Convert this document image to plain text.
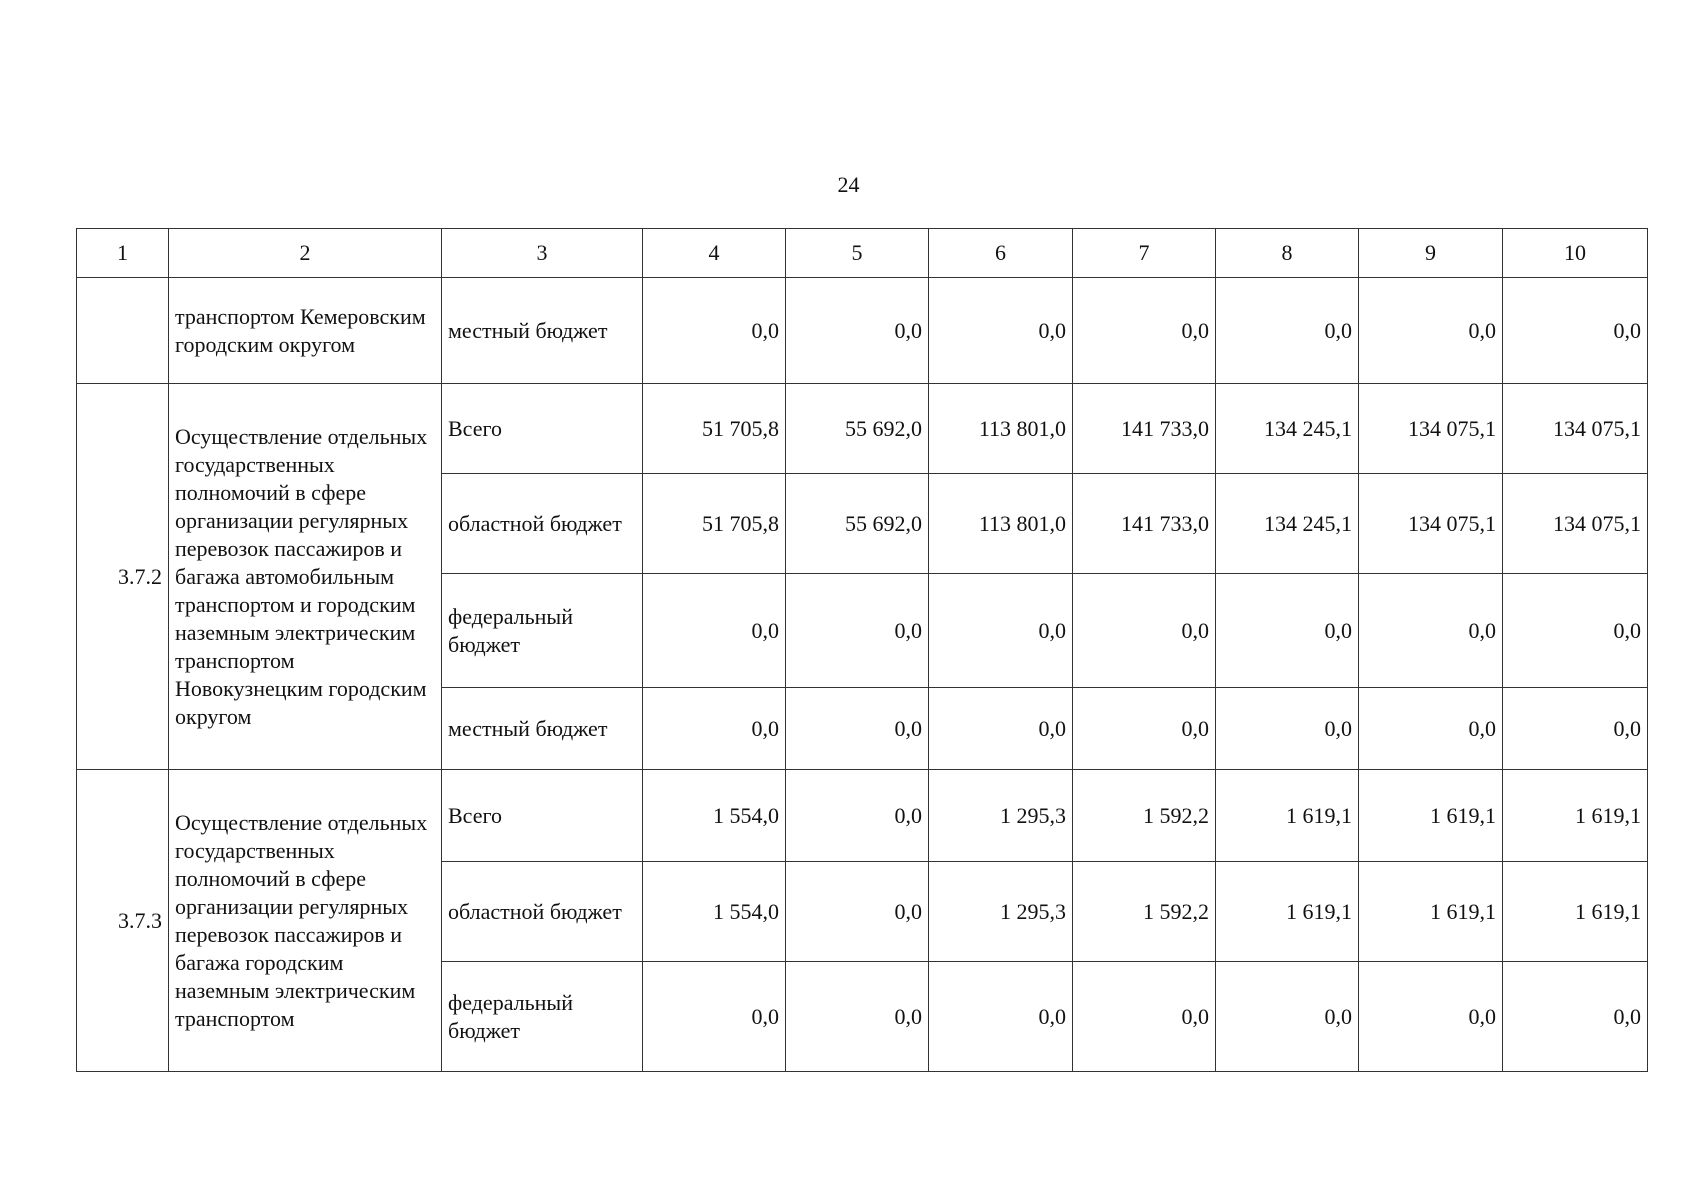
24
1	2	3	4	5	6	7	8	9	10
	транспортом Кемеровским городским округом	местный бюджет	0,0	0,0	0,0	0,0	0,0	0,0	0,0
3.7.2	Осуществление отдельных государственных полномочий в сфере организации регулярных перевозок пассажиров и багажа автомобильным транспортом и городским наземным электрическим транспортом Новокузнецким городским округом	Всего	51 705,8	55 692,0	113 801,0	141 733,0	134 245,1	134 075,1	134 075,1
		областной бюджет	51 705,8	55 692,0	113 801,0	141 733,0	134 245,1	134 075,1	134 075,1
		федеральный бюджет	0,0	0,0	0,0	0,0	0,0	0,0	0,0
		местный бюджет	0,0	0,0	0,0	0,0	0,0	0,0	0,0
3.7.3	Осуществление отдельных государственных полномочий в сфере организации регулярных перевозок пассажиров и багажа городским наземным электрическим транспортом	Всего	1 554,0	0,0	1 295,3	1 592,2	1 619,1	1 619,1	1 619,1
		областной бюджет	1 554,0	0,0	1 295,3	1 592,2	1 619,1	1 619,1	1 619,1
		федеральный бюджет	0,0	0,0	0,0	0,0	0,0	0,0	0,0
